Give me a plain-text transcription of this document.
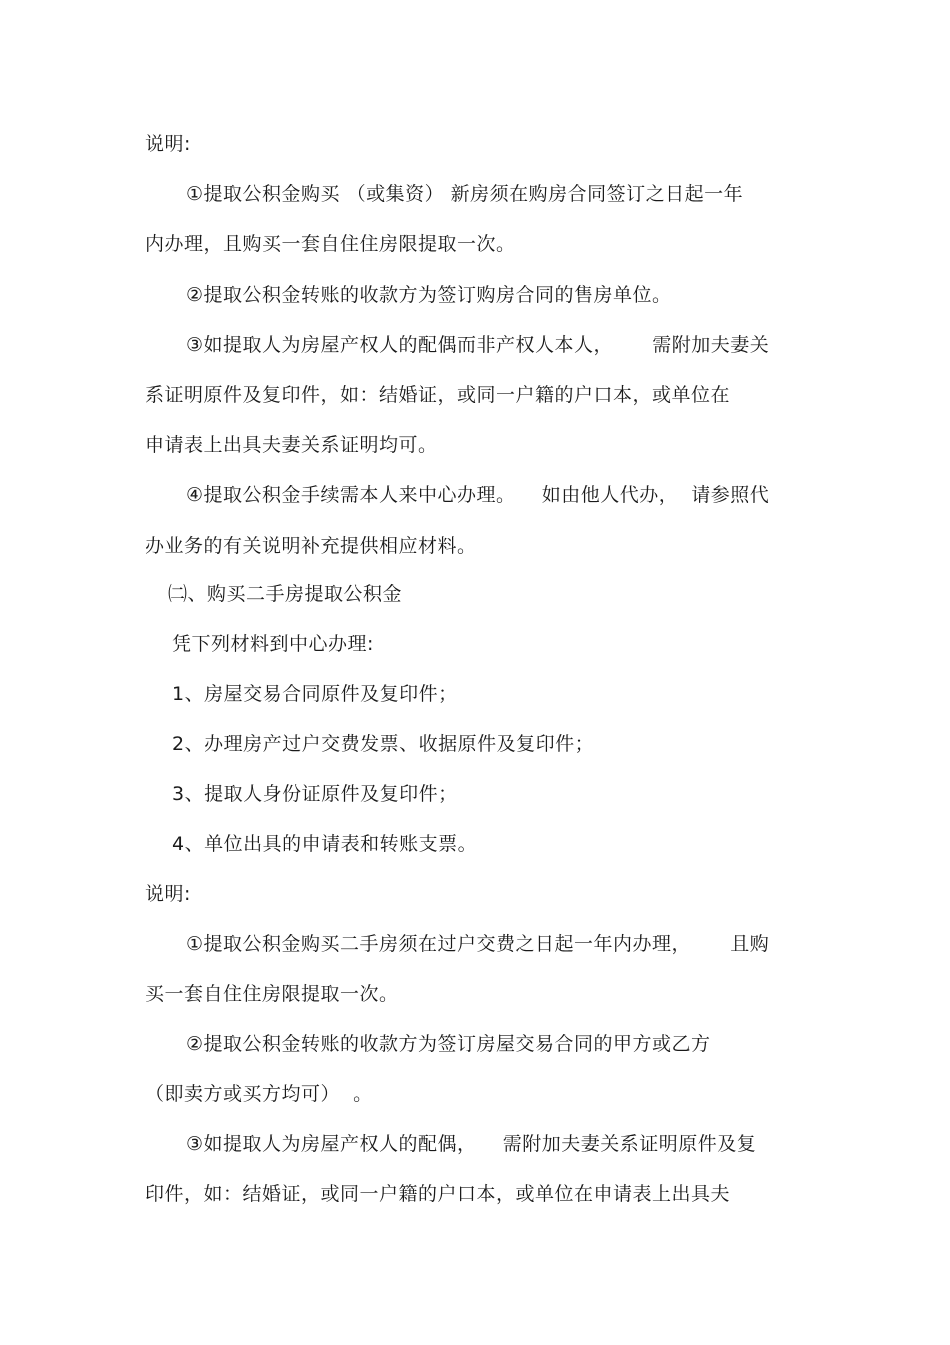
说明:
①提取公积金购买 （或集资） 新房须在购房合同签订之日起一年
内办理，且购买一套自住住房限提取一次。
②提取公积金转账的收款方为签订购房合同的售房单位。
③如提取人为房屋产权人的配偶而非产权人本人，      需附加夫妻关
系证明原件及复印件，如：结婚证，或同一户籍的户口本，或单位在
申请表上出具夫妻关系证明均可。
④提取公积金手续需本人来中心办理。    如由他人代办，  请参照代
办业务的有关说明补充提供相应材料。
㈡、购买二手房提取公积金
凭下列材料到中心办理:
1、房屋交易合同原件及复印件；
2、办理房产过户交费发票、收据原件及复印件；
3、提取人身份证原件及复印件；
4、单位出具的申请表和转账支票。
说明:
①提取公积金购买二手房须在过户交费之日起一年内办理，      且购
买一套自住住房限提取一次。
②提取公积金转账的收款方为签订房屋交易合同的甲方或乙方
（即卖方或买方均可）  。
③如提取人为房屋产权人的配偶，    需附加夫妻关系证明原件及复
印件，如：结婚证，或同一户籍的户口本，或单位在申请表上出具夫
